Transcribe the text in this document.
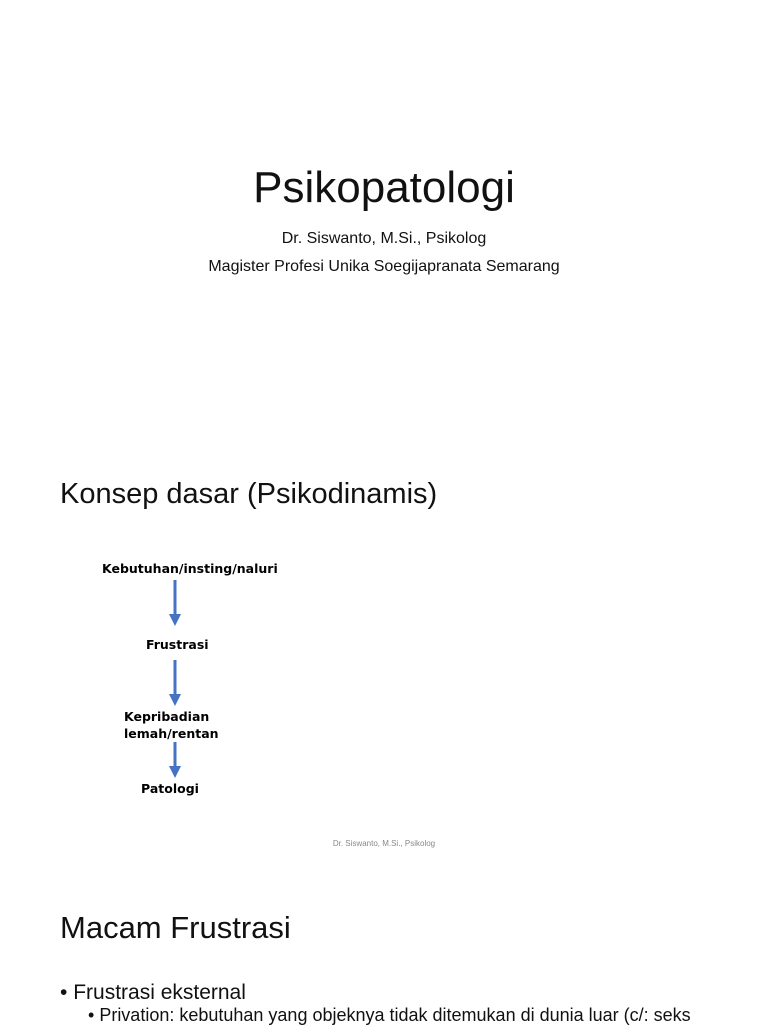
Psikopatologi
Dr. Siswanto, M.Si., Psikolog
Magister Profesi Unika Soegijapranata Semarang
Konsep dasar (Psikodinamis)
Kebutuhan/insting/naluri
Frustrasi
Kepribadian
lemah/rentan
Patologi
Dr. Siswanto, M.Si., Psikolog
Macam Frustrasi
• Frustrasi eksternal
• Privation: kebutuhan yang objeknya tidak ditemukan di dunia luar (c/: seks
